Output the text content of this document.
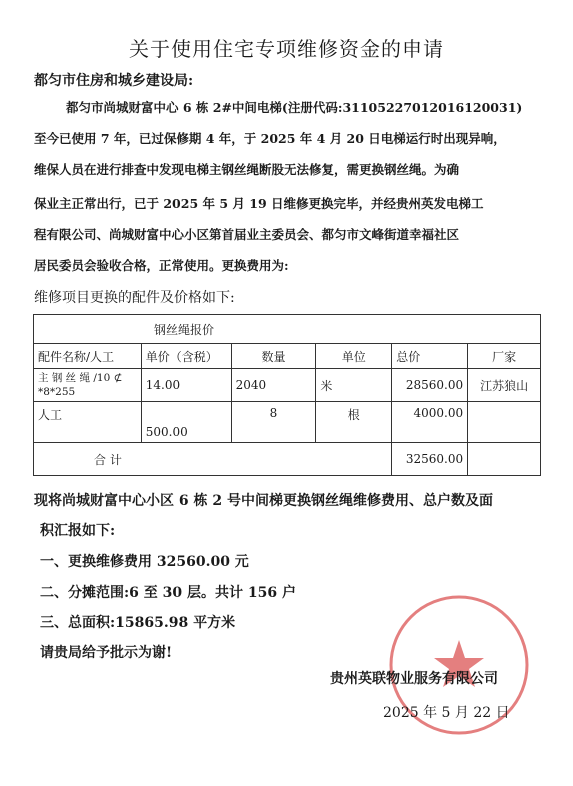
关于使用住宅专项维修资金的申请
都匀市住房和城乡建设局:
都匀市尚城财富中心 6 栋 2#中间电梯(注册代码:31105227012016120031)
至今已使用 7 年，已过保修期 4 年，于 2025 年 4 月 20 日电梯运行时出现异响，
维保人员在进行排查中发现电梯主钢丝绳断股无法修复，需更换钢丝绳。为确
保业主正常出行，已于 2025 年 5 月 19 日维修更换完毕，并经贵州英发电梯工
程有限公司、尚城财富中心小区第首届业主委员会、都匀市文峰街道幸福社区
居民委员会验收合格，正常使用。更换费用为:
维修项目更换的配件及价格如下:
钢丝绳报价					
配件名称/人工	单价（含税）	数量	单位	总价	厂家

主 钢 丝 绳 /10 ⊄
*8*255	14.00	2040	米	28560.00	江苏狼山
人工	500.00	8	根	4000.00	
合 计				32560.00	
现将尚城财富中心小区 6 栋 2 号中间梯更换钢丝绳维修费用、总户数及面
积汇报如下:
一、更换维修费用 32560.00 元
二、分摊范围:6 至 30 层。共计 156 户
三、总面积:15865.98 平方米
请贵局给予批示为谢!
贵州英联物业服务有限公司
2025 年 5 月 22 日
